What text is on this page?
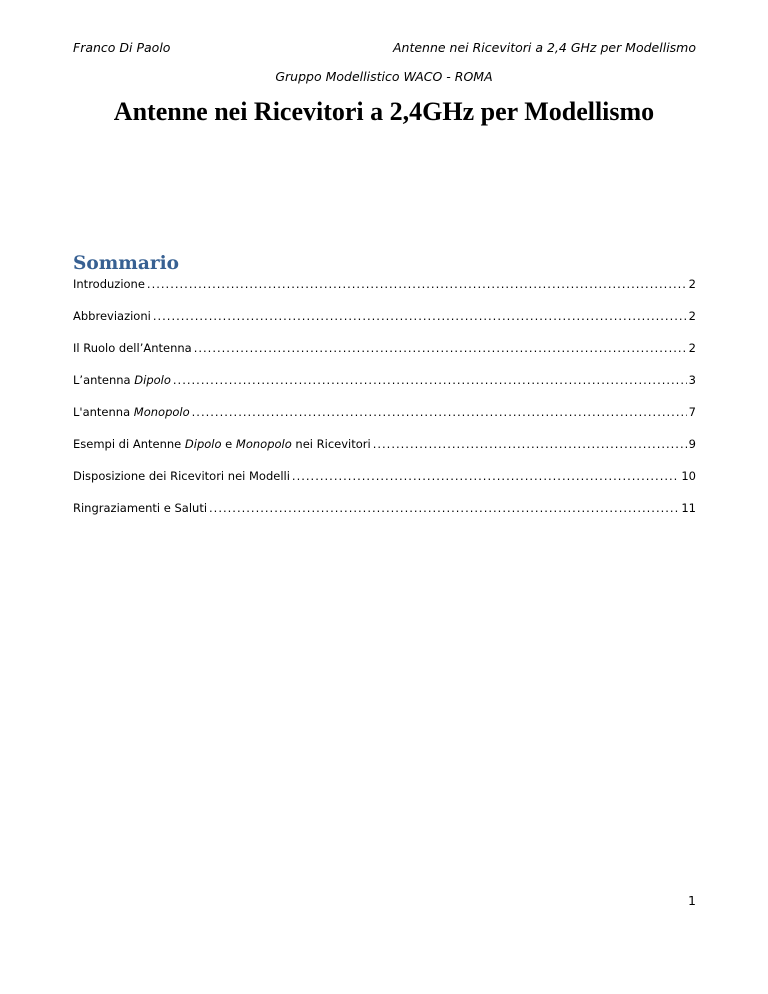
Franco Di Paolo	Antenne nei Ricevitori a 2,4 GHz per Modellismo
Gruppo Modellistico WACO - ROMA
Antenne nei Ricevitori a 2,4GHz per Modellismo
Sommario
Introduzione .....	2
Abbreviazioni .....	2
Il Ruolo dell’Antenna .....	2
L’antenna Dipolo .....	3
L'antenna Monopolo .....	7
Esempi di Antenne Dipolo e Monopolo nei Ricevitori .....	9
Disposizione dei Ricevitori nei Modelli .....	10
Ringraziamenti e Saluti .....	11
1
